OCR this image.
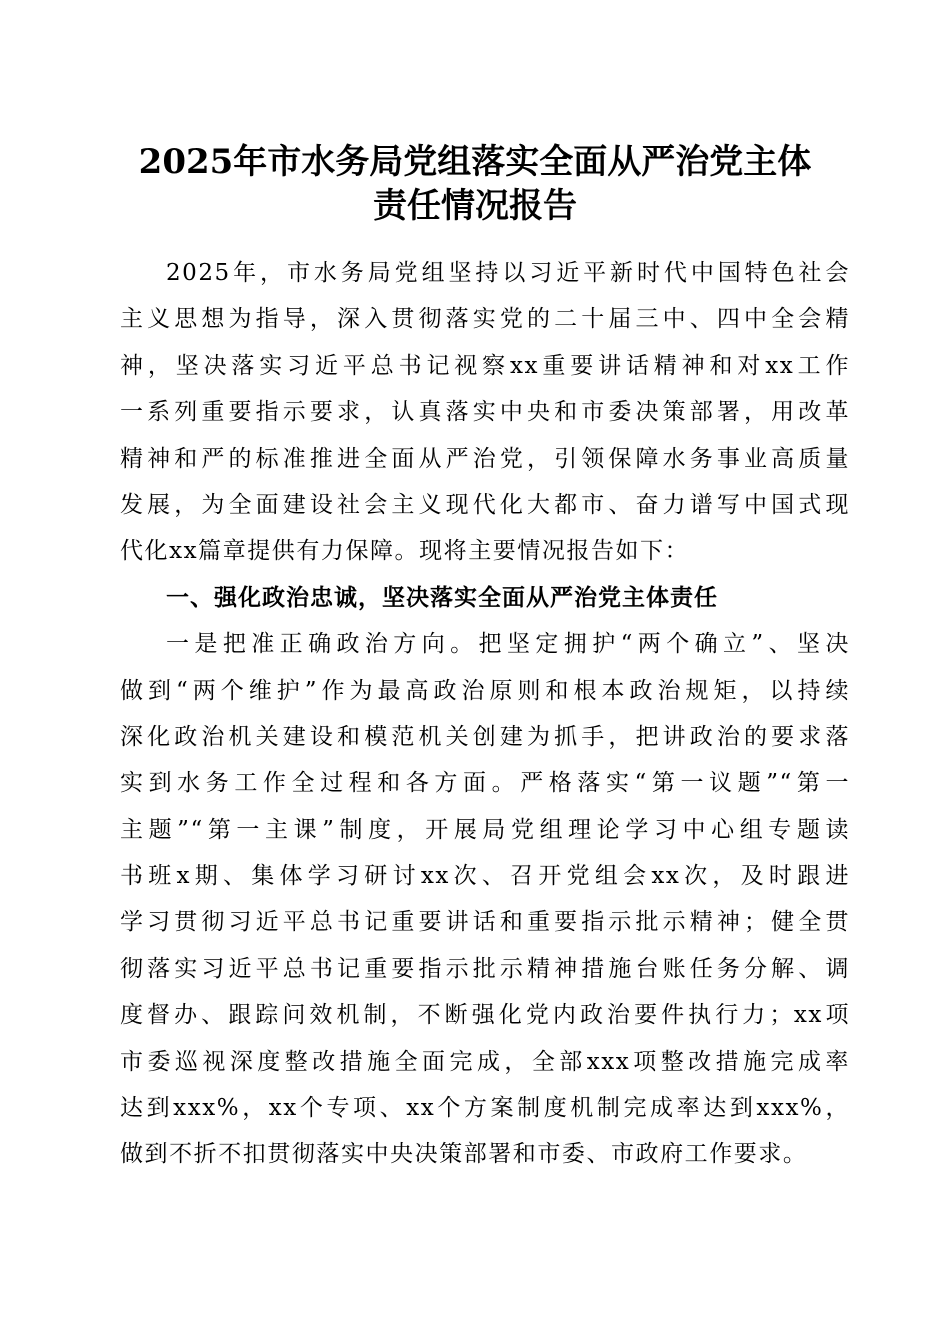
2025年市水务局党组落实全面从严治党主体
责任情况报告
2025年，市水务局党组坚持以习近平新时代中国特色社会
主义思想为指导，深入贯彻落实党的二十届三中、四中全会精
神，坚决落实习近平总书记视察xx重要讲话精神和对xx工作
一系列重要指示要求，认真落实中央和市委决策部署，用改革
精神和严的标准推进全面从严治党，引领保障水务事业高质量
发展，为全面建设社会主义现代化大都市、奋力谱写中国式现
代化xx篇章提供有力保障。现将主要情况报告如下：
一、强化政治忠诚，坚决落实全面从严治党主体责任
一是把准正确政治方向。把坚定拥护“两个确立”、坚决
做到“两个维护”作为最高政治原则和根本政治规矩，以持续
深化政治机关建设和模范机关创建为抓手，把讲政治的要求落
实到水务工作全过程和各方面。严格落实“第一议题”“第一
主题”“第一主课”制度，开展局党组理论学习中心组专题读
书班x期、集体学习研讨xx次、召开党组会xx次，及时跟进
学习贯彻习近平总书记重要讲话和重要指示批示精神；健全贯
彻落实习近平总书记重要指示批示精神措施台账任务分解、调
度督办、跟踪问效机制，不断强化党内政治要件执行力；xx项
市委巡视深度整改措施全面完成，全部xxx项整改措施完成率
达到xxx%，xx个专项、xx个方案制度机制完成率达到xxx%，
做到不折不扣贯彻落实中央决策部署和市委、市政府工作要求。
